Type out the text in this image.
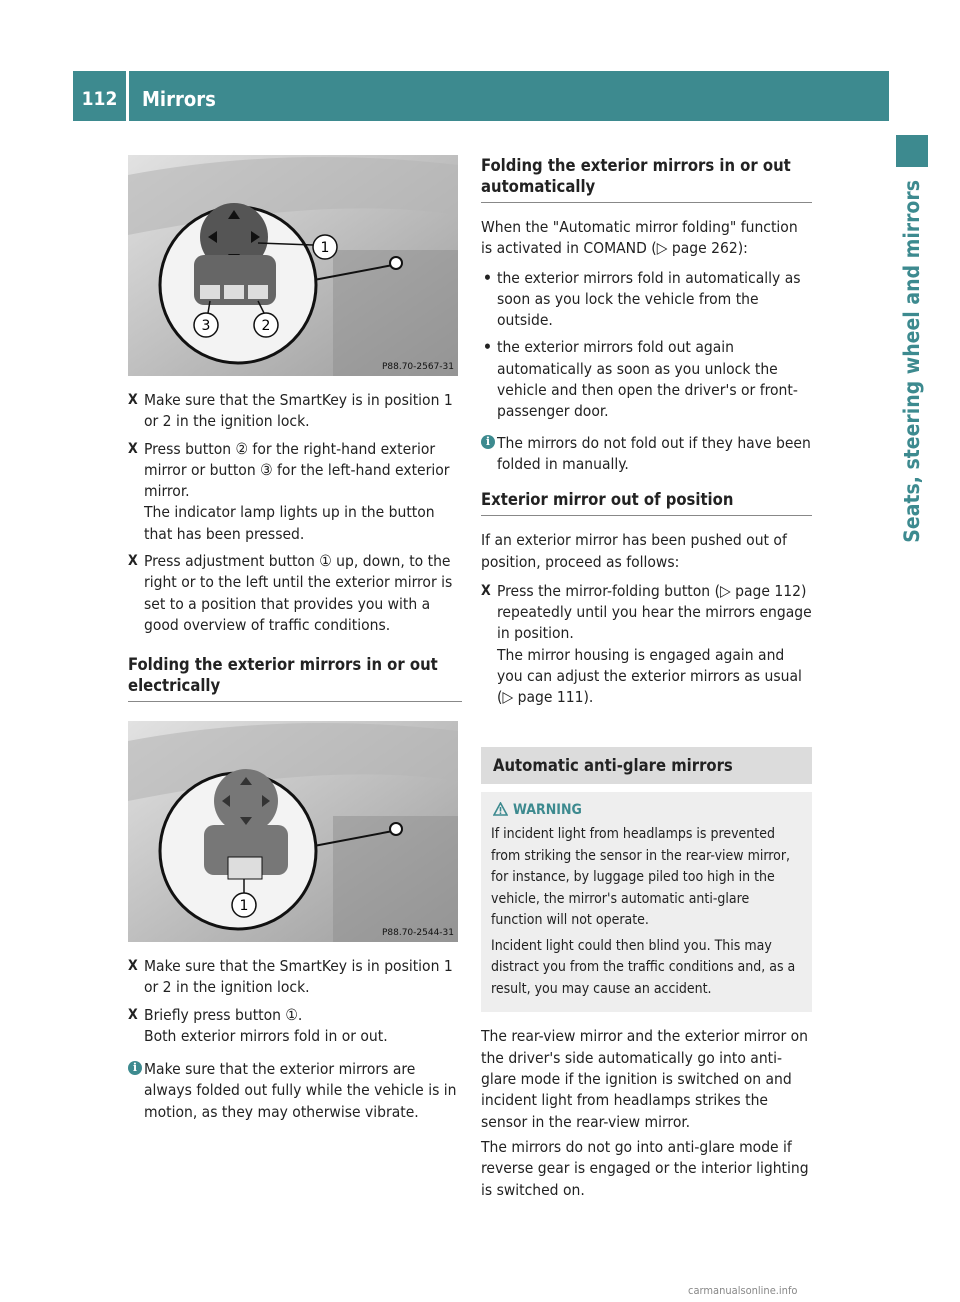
112	Mirrors
Seats, steering wheel and mirrors
1
3	2
P88.70-2567-31
X Make sure that the SmartKey is in position 1 or 2 in the ignition lock.
X Press button ② for the right-hand exterior mirror or button ③ for the left-hand exterior mirror.
The indicator lamp lights up in the button that has been pressed.
X Press adjustment button ① up, down, to the right or to the left until the exterior mirror is set to a position that provides you with a good overview of traffic conditions.
Folding the exterior mirrors in or out electrically
1
P88.70-2544-31
X Make sure that the SmartKey is in position 1 or 2 in the ignition lock.
X Briefly press button ①.
Both exterior mirrors fold in or out.
i Make sure that the exterior mirrors are always folded out fully while the vehicle is in motion, as they may otherwise vibrate.
Folding the exterior mirrors in or out automatically

When the "Automatic mirror folding" function is activated in COMAND (▷ page 262):

• the exterior mirrors fold in automatically as soon as you lock the vehicle from the outside.
• the exterior mirrors fold out again automatically as soon as you unlock the vehicle and then open the driver's or front-passenger door.
i The mirrors do not fold out if they have been folded in manually.
Exterior mirror out of position

If an exterior mirror has been pushed out of position, proceed as follows:

X Press the mirror-folding button (▷ page 112) repeatedly until you hear the mirrors engage in position.
The mirror housing is engaged again and you can adjust the exterior mirrors as usual (▷ page 111).
Automatic anti-glare mirrors
WARNING

If incident light from headlamps is prevented from striking the sensor in the rear-view mirror, for instance, by luggage piled too high in the vehicle, the mirror's automatic anti-glare function will not operate.

Incident light could then blind you. This may distract you from the traffic conditions and, as a result, you may cause an accident.

The rear-view mirror and the exterior mirror on the driver's side automatically go into anti-glare mode if the ignition is switched on and incident light from headlamps strikes the sensor in the rear-view mirror.

The mirrors do not go into anti-glare mode if reverse gear is engaged or the interior lighting is switched on.

carmanualsonline.info
